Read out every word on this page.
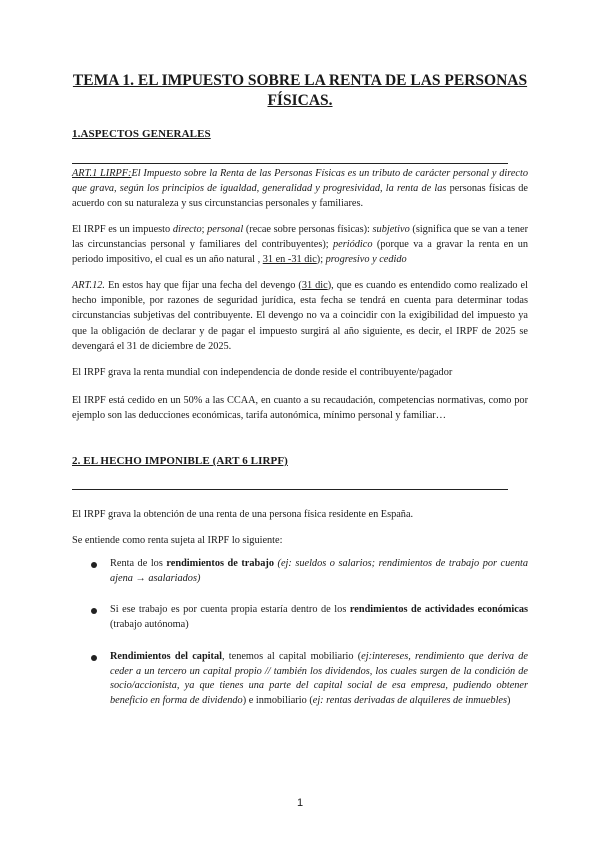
TEMA 1. EL IMPUESTO SOBRE LA RENTA DE LAS PERSONAS FÍSICAS.
1.ASPECTOS GENERALES
ART.1 LIRPF:El Impuesto sobre la Renta de las Personas Físicas es un tributo de carácter personal y directo que grava, según los principios de igualdad, generalidad y progresividad, la renta de las personas físicas de acuerdo con su naturaleza y sus circunstancias personales y familiares.
El IRPF es un impuesto directo; personal (recae sobre personas físicas): subjetivo (significa que se van a tener las circunstancias personal y familiares del contribuyentes); periódico (porque va a gravar la renta en un periodo impositivo, el cual es un año natural , 31 en -31 dic); progresivo y cedido
ART.12. En estos hay que fijar una fecha del devengo (31 dic), que es cuando es entendido como realizado el hecho imponible, por razones de seguridad jurídica, esta fecha se tendrá en cuenta para determinar todas circunstancias subjetivas del contribuyente. El devengo no va a coincidir con la exigibilidad del impuesto ya que la obligación de declarar y de pagar el impuesto surgirá al año siguiente, es decir, el IRPF de 2025 se devengará el 31 de diciembre de 2025.
El IRPF grava la renta mundial con independencia de donde reside el contribuyente/pagador
El IRPF está cedido en un 50% a las CCAA, en cuanto a su recaudación, competencias normativas, como por ejemplo son las deducciones económicas, tarifa autonómica, mínimo personal y familiar…
2. EL HECHO IMPONIBLE (ART 6 LIRPF)
El IRPF grava la obtención de una renta de una persona física residente en España.
Se entiende como renta sujeta al IRPF lo siguiente:
Renta de los rendimientos de trabajo (ej: sueldos o salarios; rendimientos de trabajo por cuenta ajena → asalariados)
Si ese trabajo es por cuenta propia estaría dentro de los rendimientos de actividades económicas (trabajo autónoma)
Rendimientos del capital, tenemos al capital mobiliario (ej:intereses, rendimiento que deriva de ceder a un tercero un capital propio // también los dividendos, los cuales surgen de la condición de socio/accionista, ya que tienes una parte del capital social de esa empresa, pudiendo obtener beneficio en forma de dividendo) e inmobiliario (ej: rentas derivadas de alquileres de inmuebles)
1
